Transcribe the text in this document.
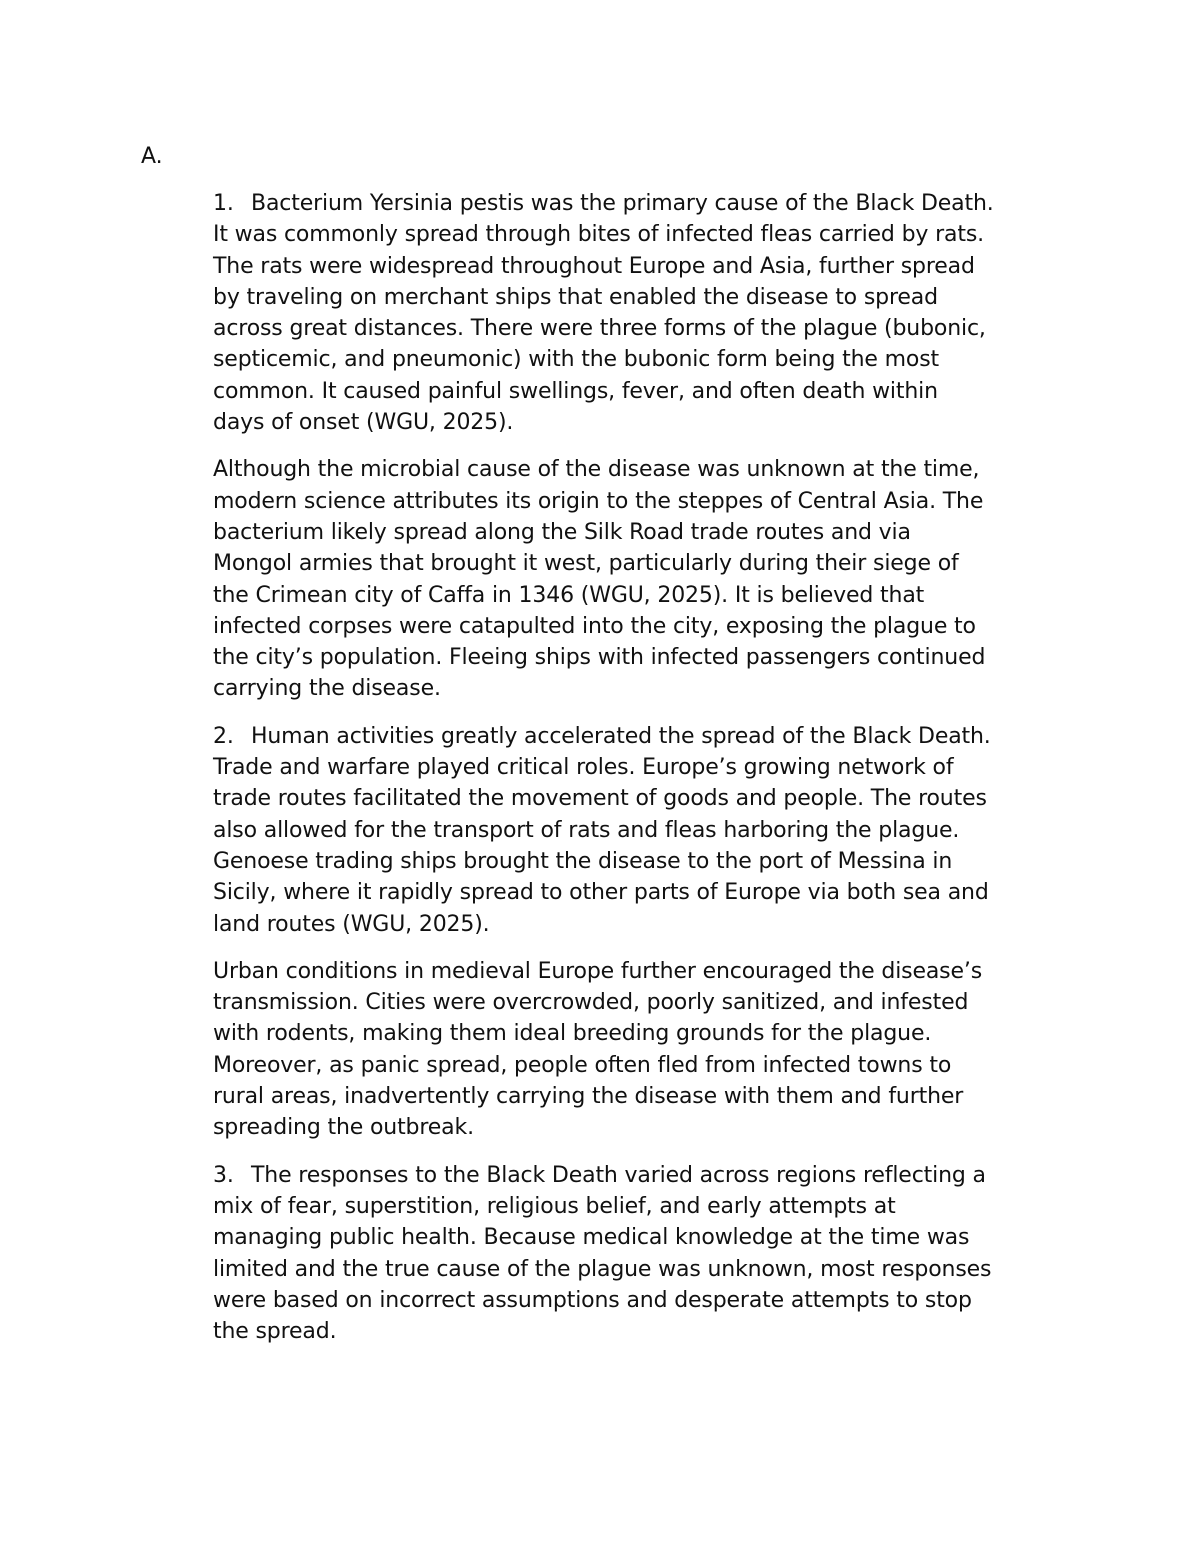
A.

1. Bacterium Yersinia pestis was the primary cause of the Black Death.
It was commonly spread through bites of infected fleas carried by rats.
The rats were widespread throughout Europe and Asia, further spread
by traveling on merchant ships that enabled the disease to spread
across great distances. There were three forms of the plague (bubonic,
septicemic, and pneumonic) with the bubonic form being the most
common. It caused painful swellings, fever, and often death within
days of onset (WGU, 2025).

Although the microbial cause of the disease was unknown at the time,
modern science attributes its origin to the steppes of Central Asia. The
bacterium likely spread along the Silk Road trade routes and via
Mongol armies that brought it west, particularly during their siege of
the Crimean city of Caffa in 1346 (WGU, 2025). It is believed that
infected corpses were catapulted into the city, exposing the plague to
the city’s population. Fleeing ships with infected passengers continued
carrying the disease.

2. Human activities greatly accelerated the spread of the Black Death.
Trade and warfare played critical roles. Europe’s growing network of
trade routes facilitated the movement of goods and people. The routes
also allowed for the transport of rats and fleas harboring the plague.
Genoese trading ships brought the disease to the port of Messina in
Sicily, where it rapidly spread to other parts of Europe via both sea and
land routes (WGU, 2025).

Urban conditions in medieval Europe further encouraged the disease’s
transmission. Cities were overcrowded, poorly sanitized, and infested
with rodents, making them ideal breeding grounds for the plague.
Moreover, as panic spread, people often fled from infected towns to
rural areas, inadvertently carrying the disease with them and further
spreading the outbreak.

3. The responses to the Black Death varied across regions reflecting a
mix of fear, superstition, religious belief, and early attempts at
managing public health. Because medical knowledge at the time was
limited and the true cause of the plague was unknown, most responses
were based on incorrect assumptions and desperate attempts to stop
the spread.
